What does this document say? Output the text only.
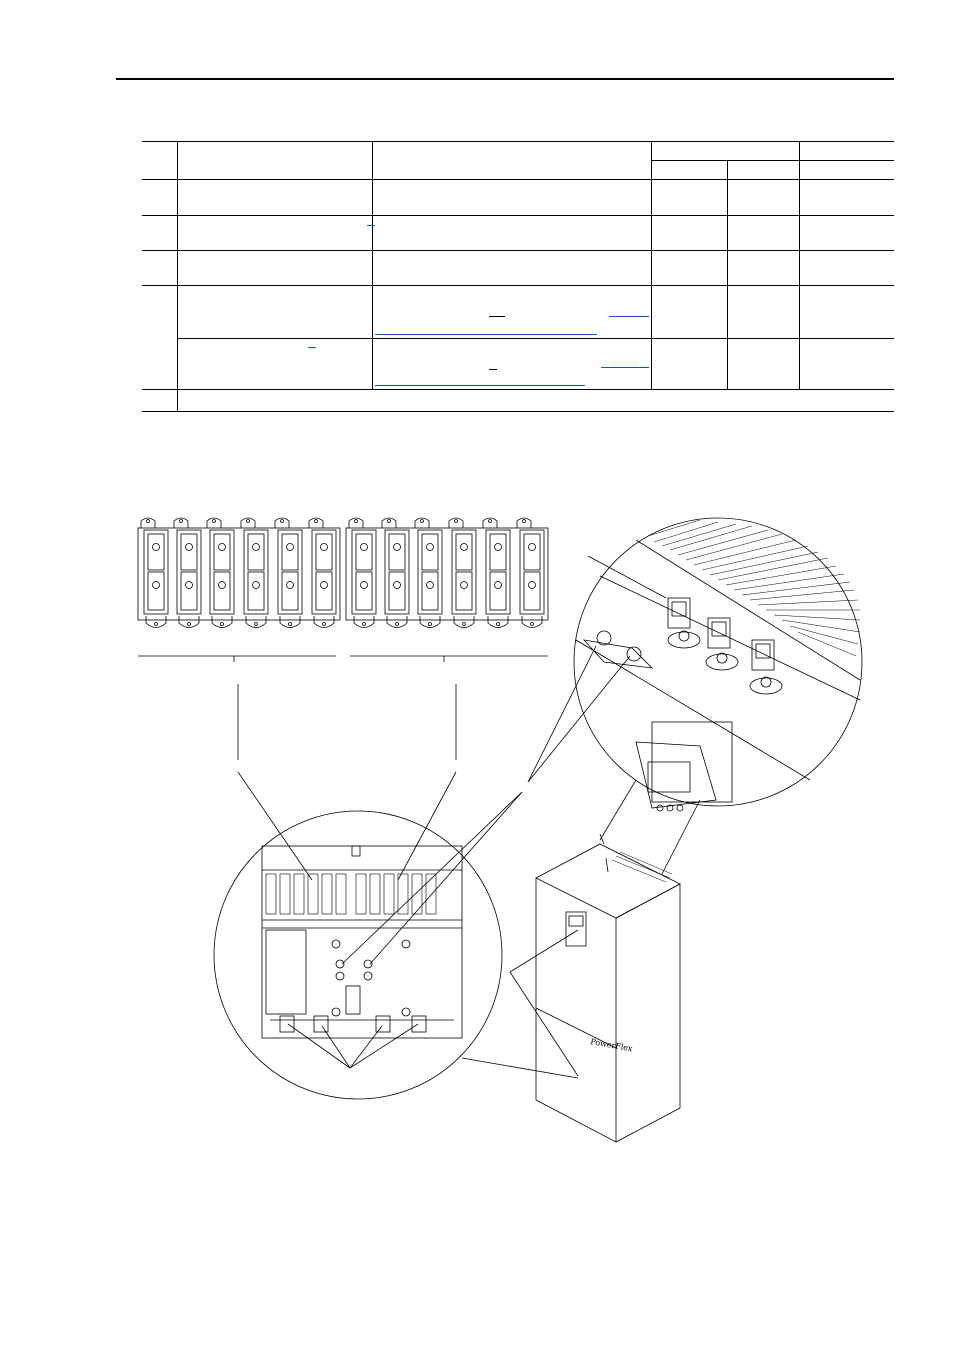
PowerFlex
